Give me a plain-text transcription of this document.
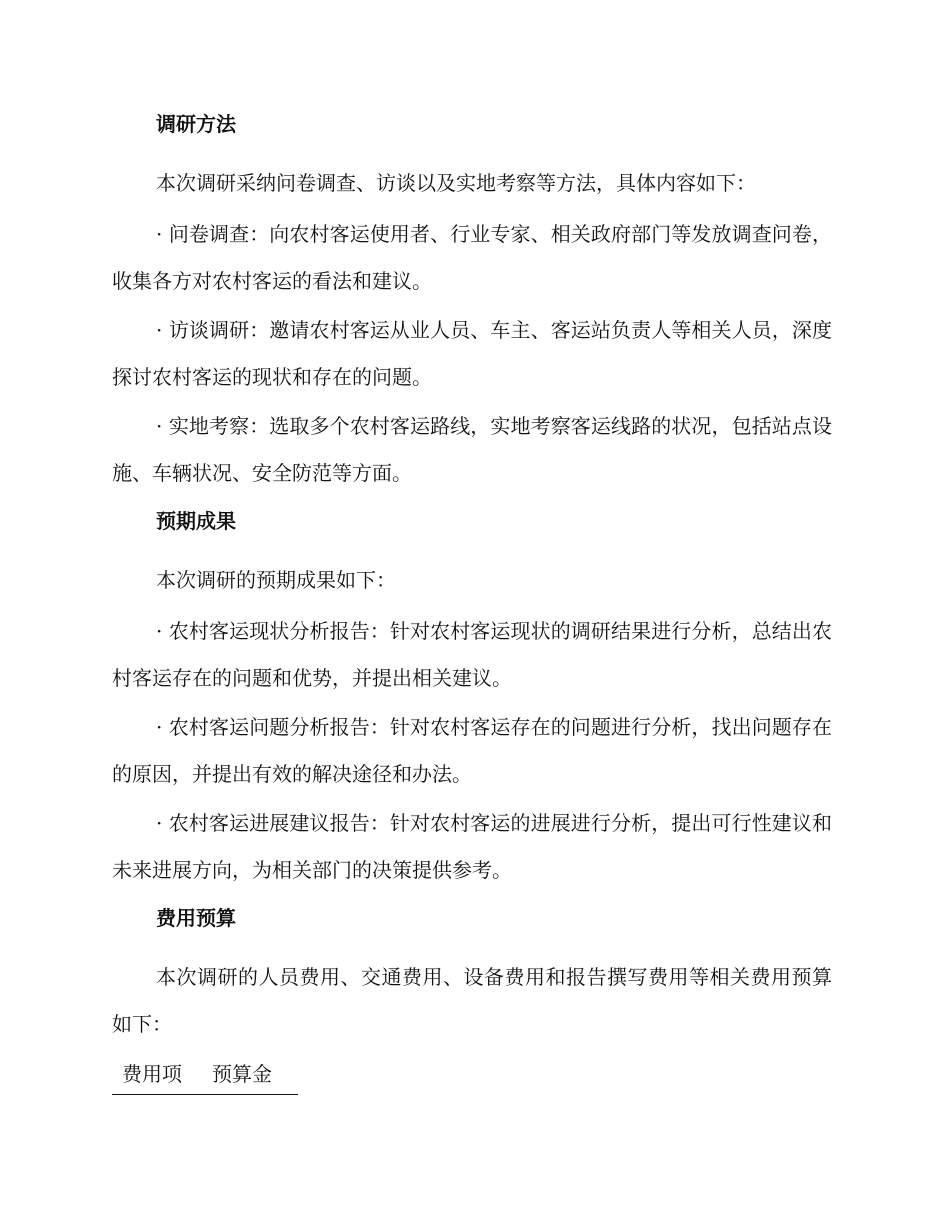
调研方法

本次调研采纳问卷调查、访谈以及实地考察等方法，具体内容如下：

· 问卷调查：向农村客运使用者、行业专家、相关政府部门等发放调查问卷，收集各方对农村客运的看法和建议。

· 访谈调研：邀请农村客运从业人员、车主、客运站负责人等相关人员，深度探讨农村客运的现状和存在的问题。

· 实地考察：选取多个农村客运路线，实地考察客运线路的状况，包括站点设施、车辆状况、安全防范等方面。

预期成果

本次调研的预期成果如下：

· 农村客运现状分析报告：针对农村客运现状的调研结果进行分析，总结出农村客运存在的问题和优势，并提出相关建议。

· 农村客运问题分析报告：针对农村客运存在的问题进行分析，找出问题存在的原因，并提出有效的解决途径和办法。

· 农村客运进展建议报告：针对农村客运的进展进行分析，提出可行性建议和未来进展方向，为相关部门的决策提供参考。

费用预算

本次调研的人员费用、交通费用、设备费用和报告撰写费用等相关费用预算如下：

费用项	预算金
